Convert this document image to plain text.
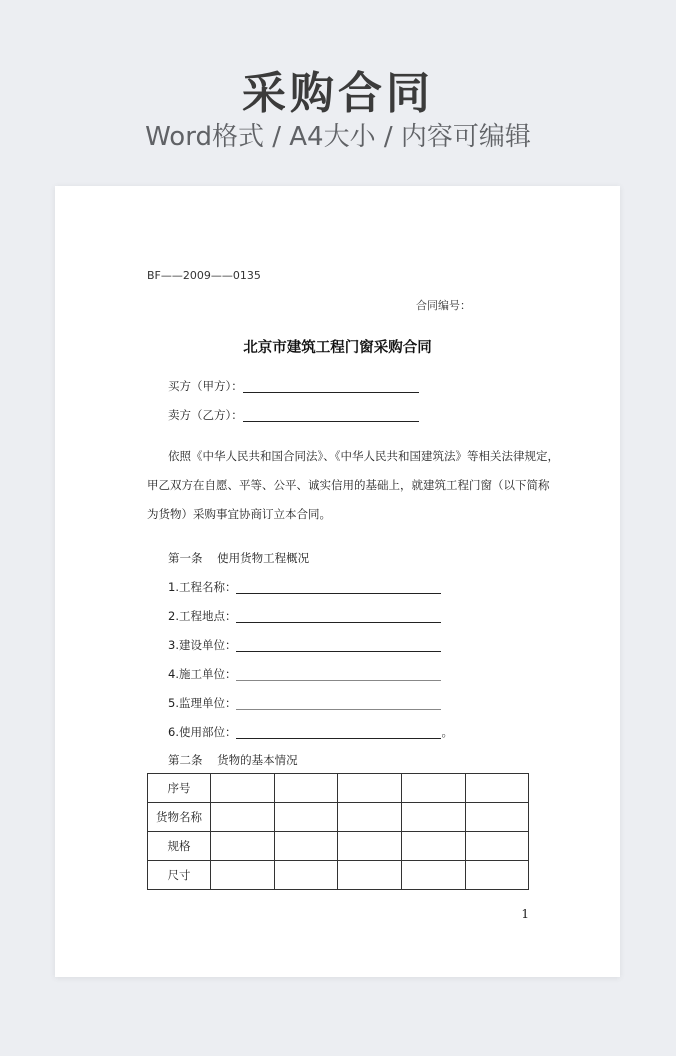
采购合同
Word格式 / A4大小 / 内容可编辑
BF——2009——0135
合同编号：
北京市建筑工程门窗采购合同
买方（甲方）：
卖方（乙方）：
依照《中华人民共和国合同法》、《中华人民共和国建筑法》等相关法律规定，
甲乙双方在自愿、平等、公平、诚实信用的基础上，就建筑工程门窗（以下简称
为货物）采购事宜协商订立本合同。
第一条    使用货物工程概况
1.工程名称：
2.工程地点：
3.建设单位：
4.施工单位：
5.监理单位：
6.使用部位：	。
第二条    货物的基本情况
序号					
货物名称					
规格					
尺寸					
1
